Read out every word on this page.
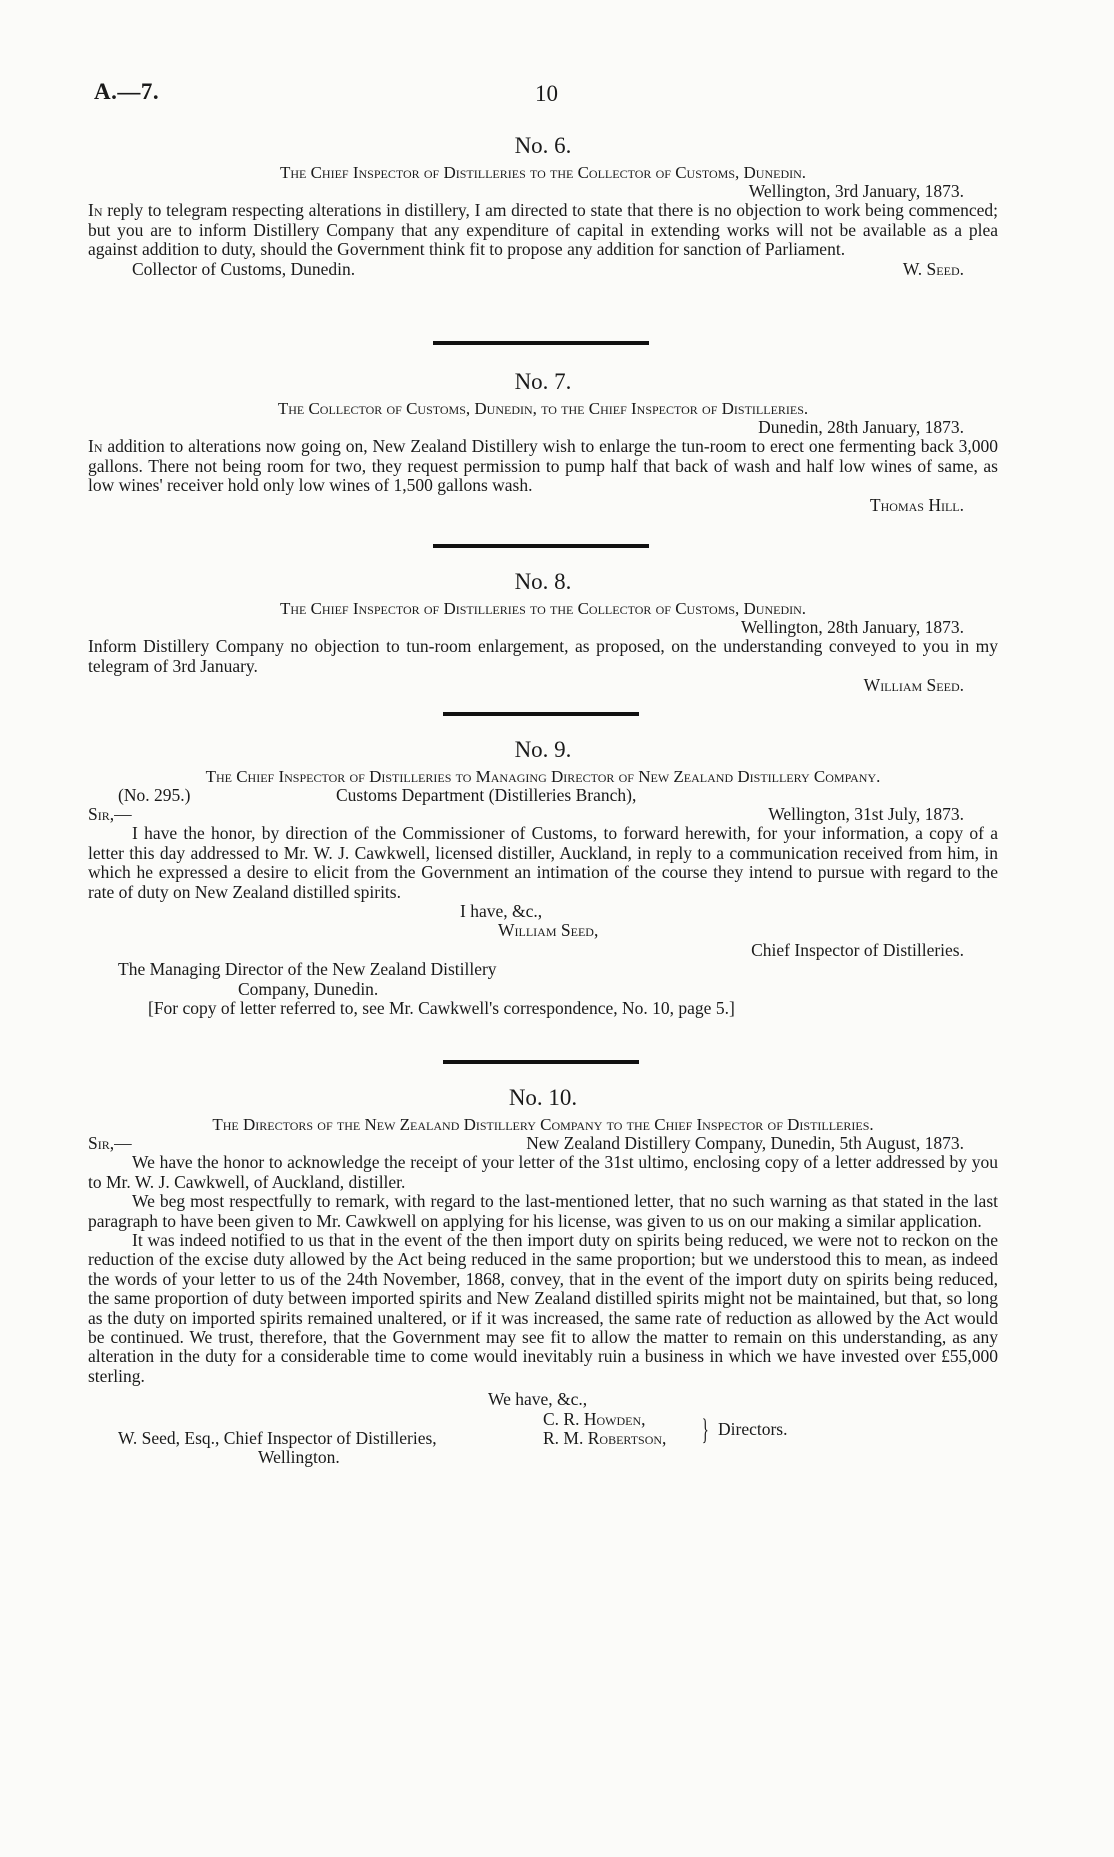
A.—7.	10
No. 6.
The Chief Inspector of Distilleries to the Collector of Customs, Dunedin.
Wellington, 3rd January, 1873.

In reply to telegram respecting alterations in distillery, I am directed to state that there is no objection to work being commenced; but you are to inform Distillery Company that any expenditure of capital in extending works will not be available as a plea against addition to duty, should the Government think fit to propose any addition for sanction of Parliament.

Collector of Customs, Dunedin.	W. Seed.
No. 7.
The Collector of Customs, Dunedin, to the Chief Inspector of Distilleries.
Dunedin, 28th January, 1873.

In addition to alterations now going on, New Zealand Distillery wish to enlarge the tun-room to erect one fermenting back 3,000 gallons. There not being room for two, they request permission to pump half that back of wash and half low wines of same, as low wines' receiver hold only low wines of 1,500 gallons wash.

Thomas Hill.
No. 8.
The Chief Inspector of Distilleries to the Collector of Customs, Dunedin.
Wellington, 28th January, 1873.

Inform Distillery Company no objection to tun-room enlargement, as proposed, on the understanding conveyed to you in my telegram of 3rd January.

William Seed.
No. 9.
The Chief Inspector of Distilleries to Managing Director of New Zealand Distillery Company.
(No. 295.)	Customs Department (Distilleries Branch),
Sir,—	Wellington, 31st July, 1873.

I have the honor, by direction of the Commissioner of Customs, to forward herewith, for your information, a copy of a letter this day addressed to Mr. W. J. Cawkwell, licensed distiller, Auckland, in reply to a communication received from him, in which he expressed a desire to elicit from the Government an intimation of the course they intend to pursue with regard to the rate of duty on New Zealand distilled spirits.

I have, &c.,
William Seed,
Chief Inspector of Distilleries.
The Managing Director of the New Zealand Distillery
Company, Dunedin.
[For copy of letter referred to, see Mr. Cawkwell's correspondence, No. 10, page 5.]
No. 10.
The Directors of the New Zealand Distillery Company to the Chief Inspector of Distilleries.
Sir,—	New Zealand Distillery Company, Dunedin, 5th August, 1873.

We have the honor to acknowledge the receipt of your letter of the 31st ultimo, enclosing copy of a letter addressed by you to Mr. W. J. Cawkwell, of Auckland, distiller.

We beg most respectfully to remark, with regard to the last-mentioned letter, that no such warning as that stated in the last paragraph to have been given to Mr. Cawkwell on applying for his license, was given to us on our making a similar application.

It was indeed notified to us that in the event of the then import duty on spirits being reduced, we were not to reckon on the reduction of the excise duty allowed by the Act being reduced in the same proportion; but we understood this to mean, as indeed the words of your letter to us of the 24th November, 1868, convey, that in the event of the import duty on spirits being reduced, the same proportion of duty between imported spirits and New Zealand distilled spirits might not be maintained, but that, so long as the duty on imported spirits remained unaltered, or if it was increased, the same rate of reduction as allowed by the Act would be continued. We trust, therefore, that the Government may see fit to allow the matter to remain on this understanding, as any alteration in the duty for a considerable time to come would inevitably ruin a business in which we have invested over £55,000 sterling.

We have, &c.,
C. R. Howden,
R. M. Robertson, } Directors.
W. Seed, Esq., Chief Inspector of Distilleries,
Wellington.
